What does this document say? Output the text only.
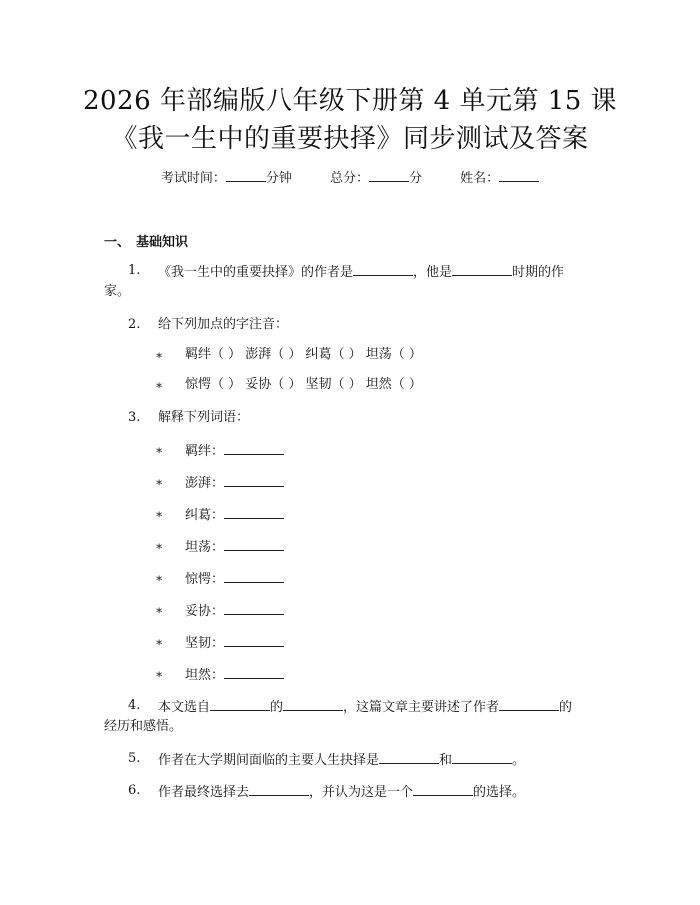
2026 年部编版八年级下册第 4 单元第 15 课
《我一生中的重要抉择》同步测试及答案
考试时间：	分钟	总分：	分	姓名：
一、 基础知识
1.	《我一生中的重要抉择》的作者是	，他是	时期的作
家。
2.	给下列加点的字注音：
∗ 羁绊（ ） 澎湃（ ） 纠葛（ ） 坦荡（ ）
∗ 惊愕（ ） 妥协（ ） 坚韧（ ） 坦然（ ）
3.	解释下列词语：
∗ 羁绊：
∗ 澎湃：
∗ 纠葛：
∗ 坦荡：
∗ 惊愕：
∗ 妥协：
∗ 坚韧：
∗ 坦然：
4.	本文选自	的	，这篇文章主要讲述了作者	的
经历和感悟。
5.	作者在大学期间面临的主要人生抉择是	和	。
6.	作者最终选择去	，并认为这是一个	的选择。
